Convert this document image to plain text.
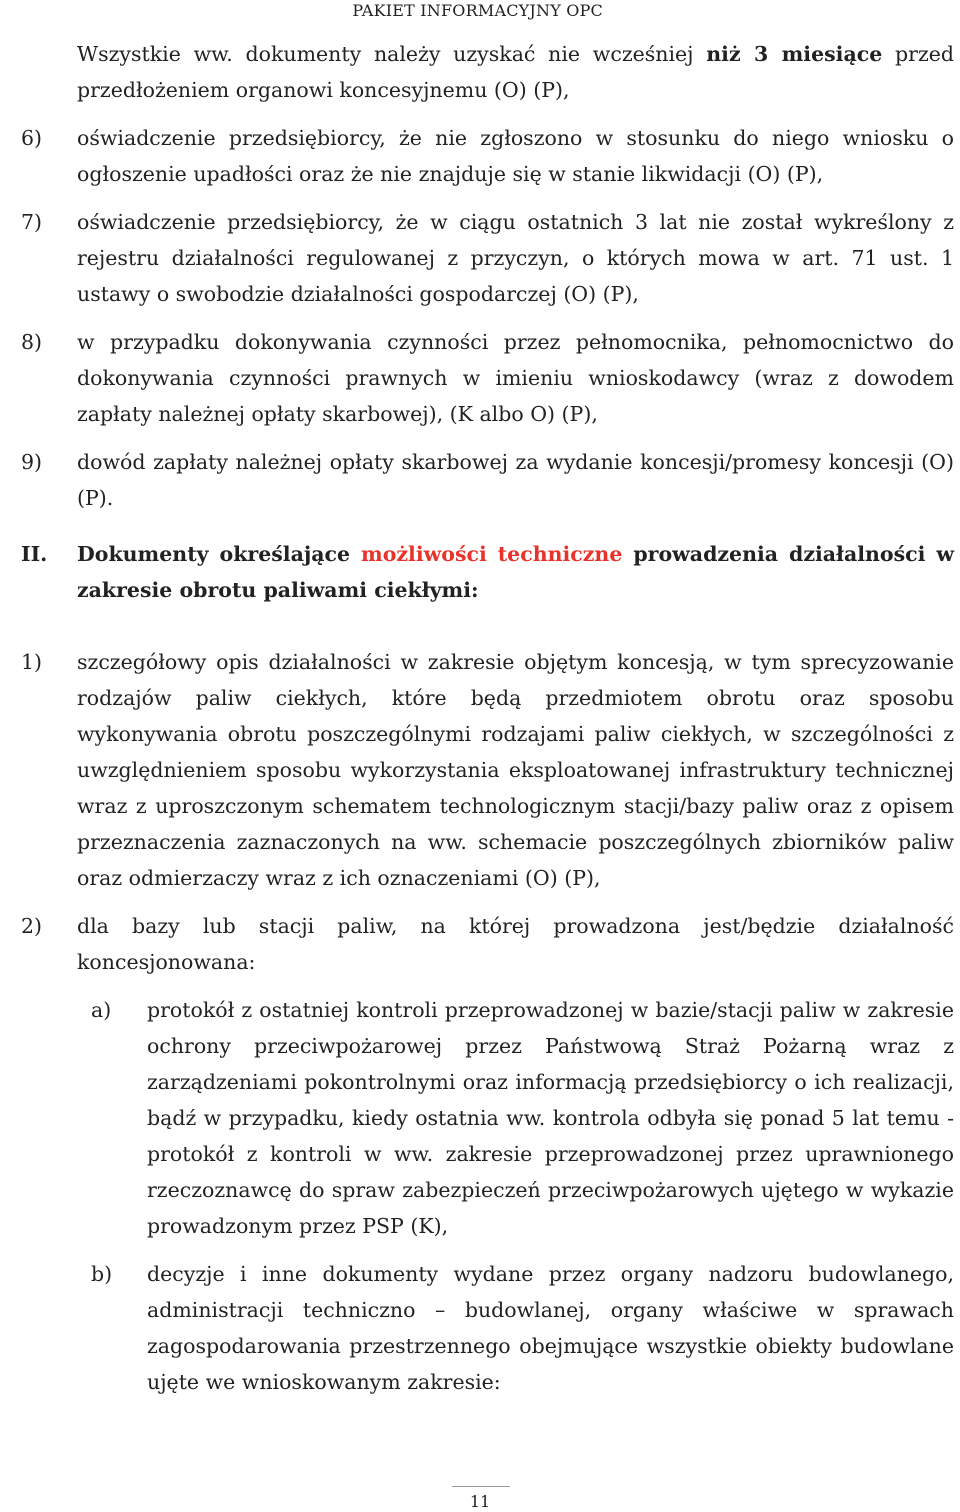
PAKIET INFORMACYJNY OPC

Wszystkie ww. dokumenty należy uzyskać nie wcześniej niż 3 miesiące przed przedłożeniem organowi koncesyjnemu (O) (P),

6)	oświadczenie przedsiębiorcy, że nie zgłoszono w stosunku do niego wniosku o ogłoszenie upadłości oraz że nie znajduje się w stanie likwidacji (O) (P),
7)	oświadczenie przedsiębiorcy, że w ciągu ostatnich 3 lat nie został wykreślony z rejestru działalności regulowanej z przyczyn, o których mowa w art. 71 ust. 1 ustawy o swobodzie działalności gospodarczej (O) (P),
8)	w przypadku dokonywania czynności przez pełnomocnika, pełnomocnictwo do dokonywania czynności prawnych w imieniu wnioskodawcy (wraz z dowodem zapłaty należnej opłaty skarbowej), (K albo O) (P),
9)	dowód zapłaty należnej opłaty skarbowej za wydanie koncesji/promesy koncesji (O) (P).
II.	Dokumenty określające możliwości techniczne prowadzenia działalności w zakresie obrotu paliwami ciekłymi:
1)	szczegółowy opis działalności w zakresie objętym koncesją, w tym sprecyzowanie rodzajów paliw ciekłych, które będą przedmiotem obrotu oraz sposobu wykonywania obrotu poszczególnymi rodzajami paliw ciekłych, w szczególności z uwzględnieniem sposobu wykorzystania eksploatowanej infrastruktury technicznej wraz z uproszczonym schematem technologicznym stacji/bazy paliw oraz z opisem przeznaczenia zaznaczonych na ww. schemacie poszczególnych zbiorników paliw oraz odmierzaczy wraz z ich oznaczeniami (O) (P),
2)	dla bazy lub stacji paliw, na której prowadzona jest/będzie działalność koncesjonowana:
a)	protokół z ostatniej kontroli przeprowadzonej w bazie/stacji paliw w zakresie ochrony przeciwpożarowej przez Państwową Straż Pożarną wraz z zarządzeniami pokontrolnymi oraz informacją przedsiębiorcy o ich realizacji, bądź w przypadku, kiedy ostatnia ww. kontrola odbyła się ponad 5 lat temu - protokół z kontroli w ww. zakresie przeprowadzonej przez uprawnionego rzeczoznawcę do spraw zabezpieczeń przeciwpożarowych ujętego w wykazie prowadzonym przez PSP (K),
b)	decyzje i inne dokumenty wydane przez organy nadzoru budowlanego, administracji techniczno – budowlanej, organy właściwe w sprawach zagospodarowania przestrzennego obejmujące wszystkie obiekty budowlane ujęte we wnioskowanym zakresie:
11
